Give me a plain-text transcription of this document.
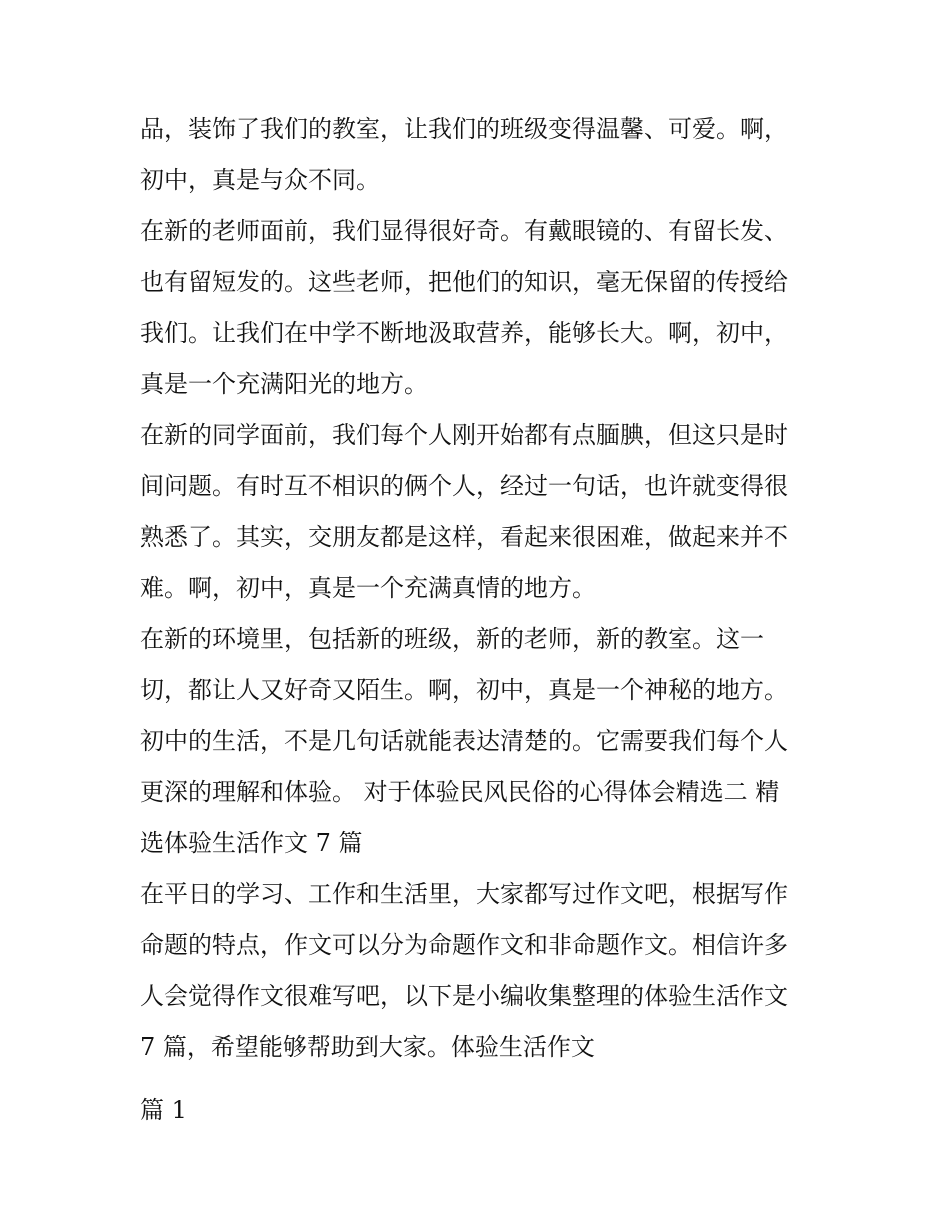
品，装饰了我们的教室，让我们的班级变得温馨、可爱。啊，
初中，真是与众不同。
在新的老师面前，我们显得很好奇。有戴眼镜的、有留长发、
也有留短发的。这些老师，把他们的知识，毫无保留的传授给
我们。让我们在中学不断地汲取营养，能够长大。啊，初中，
真是一个充满阳光的地方。
在新的同学面前，我们每个人刚开始都有点腼腆，但这只是时
间问题。有时互不相识的俩个人，经过一句话，也许就变得很
熟悉了。其实，交朋友都是这样，看起来很困难，做起来并不
难。啊，初中，真是一个充满真情的地方。
在新的环境里，包括新的班级，新的老师，新的教室。这一
切，都让人又好奇又陌生。啊，初中，真是一个神秘的地方。
初中的生活，不是几句话就能表达清楚的。它需要我们每个人
更深的理解和体验。 对于体验民风民俗的心得体会精选二 精
选体验生活作文 7 篇
在平日的学习、工作和生活里，大家都写过作文吧，根据写作
命题的特点，作文可以分为命题作文和非命题作文。相信许多
人会觉得作文很难写吧，以下是小编收集整理的体验生活作文
7 篇，希望能够帮助到大家。体验生活作文
篇 1
